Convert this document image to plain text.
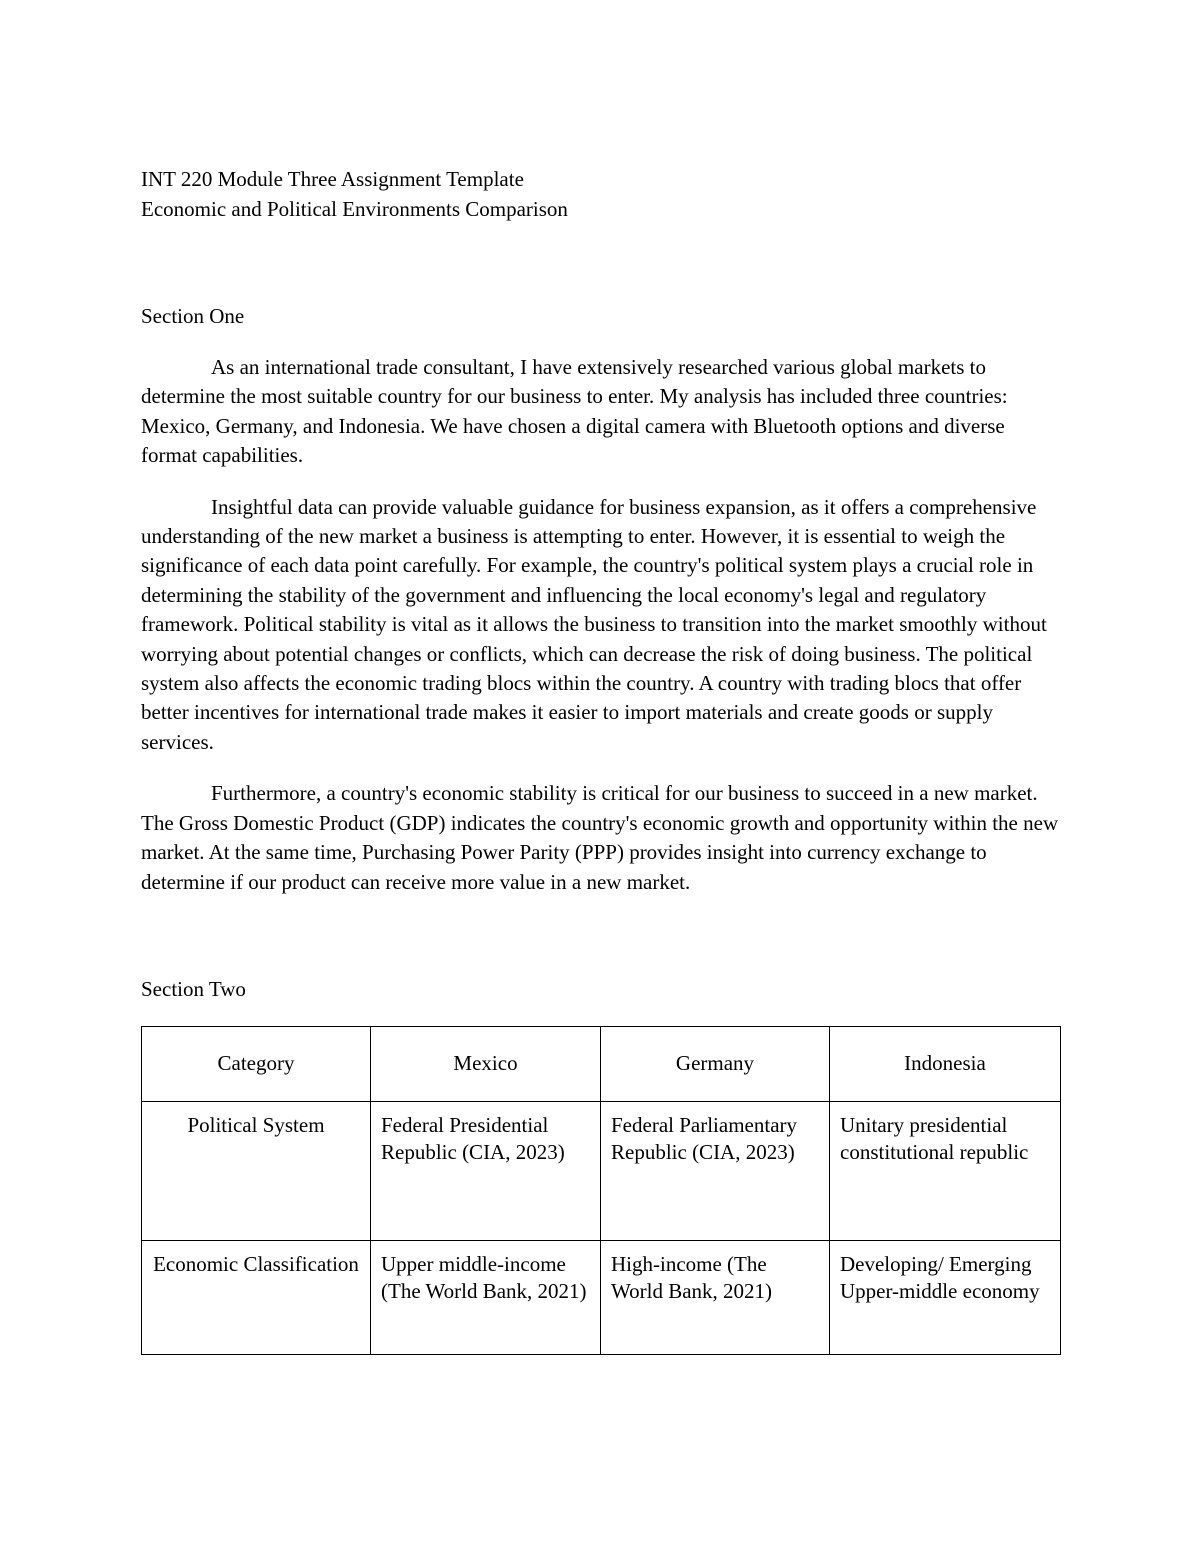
INT 220 Module Three Assignment Template

Economic and Political Environments Comparison

Section One

As an international trade consultant, I have extensively researched various global markets to determine the most suitable country for our business to enter. My analysis has included three countries: Mexico, Germany, and Indonesia. We have chosen a digital camera with Bluetooth options and diverse format capabilities.

Insightful data can provide valuable guidance for business expansion, as it offers a comprehensive understanding of the new market a business is attempting to enter. However, it is essential to weigh the significance of each data point carefully. For example, the country's political system plays a crucial role in determining the stability of the government and influencing the local economy's legal and regulatory framework. Political stability is vital as it allows the business to transition into the market smoothly without worrying about potential changes or conflicts, which can decrease the risk of doing business. The political system also affects the economic trading blocs within the country. A country with trading blocs that offer better incentives for international trade makes it easier to import materials and create goods or supply services.

Furthermore, a country's economic stability is critical for our business to succeed in a new market. The Gross Domestic Product (GDP) indicates the country's economic growth and opportunity within the new market. At the same time, Purchasing Power Parity (PPP) provides insight into currency exchange to determine if our product can receive more value in a new market.

Section Two

Category	Mexico	Germany	Indonesia
Political System	Federal Presidential Republic (CIA, 2023)	Federal Parliamentary Republic (CIA, 2023)	Unitary presidential constitutional republic
Economic Classification	Upper middle-income (The World Bank, 2021)	High-income (The World Bank, 2021)	Developing/ Emerging Upper-middle economy
